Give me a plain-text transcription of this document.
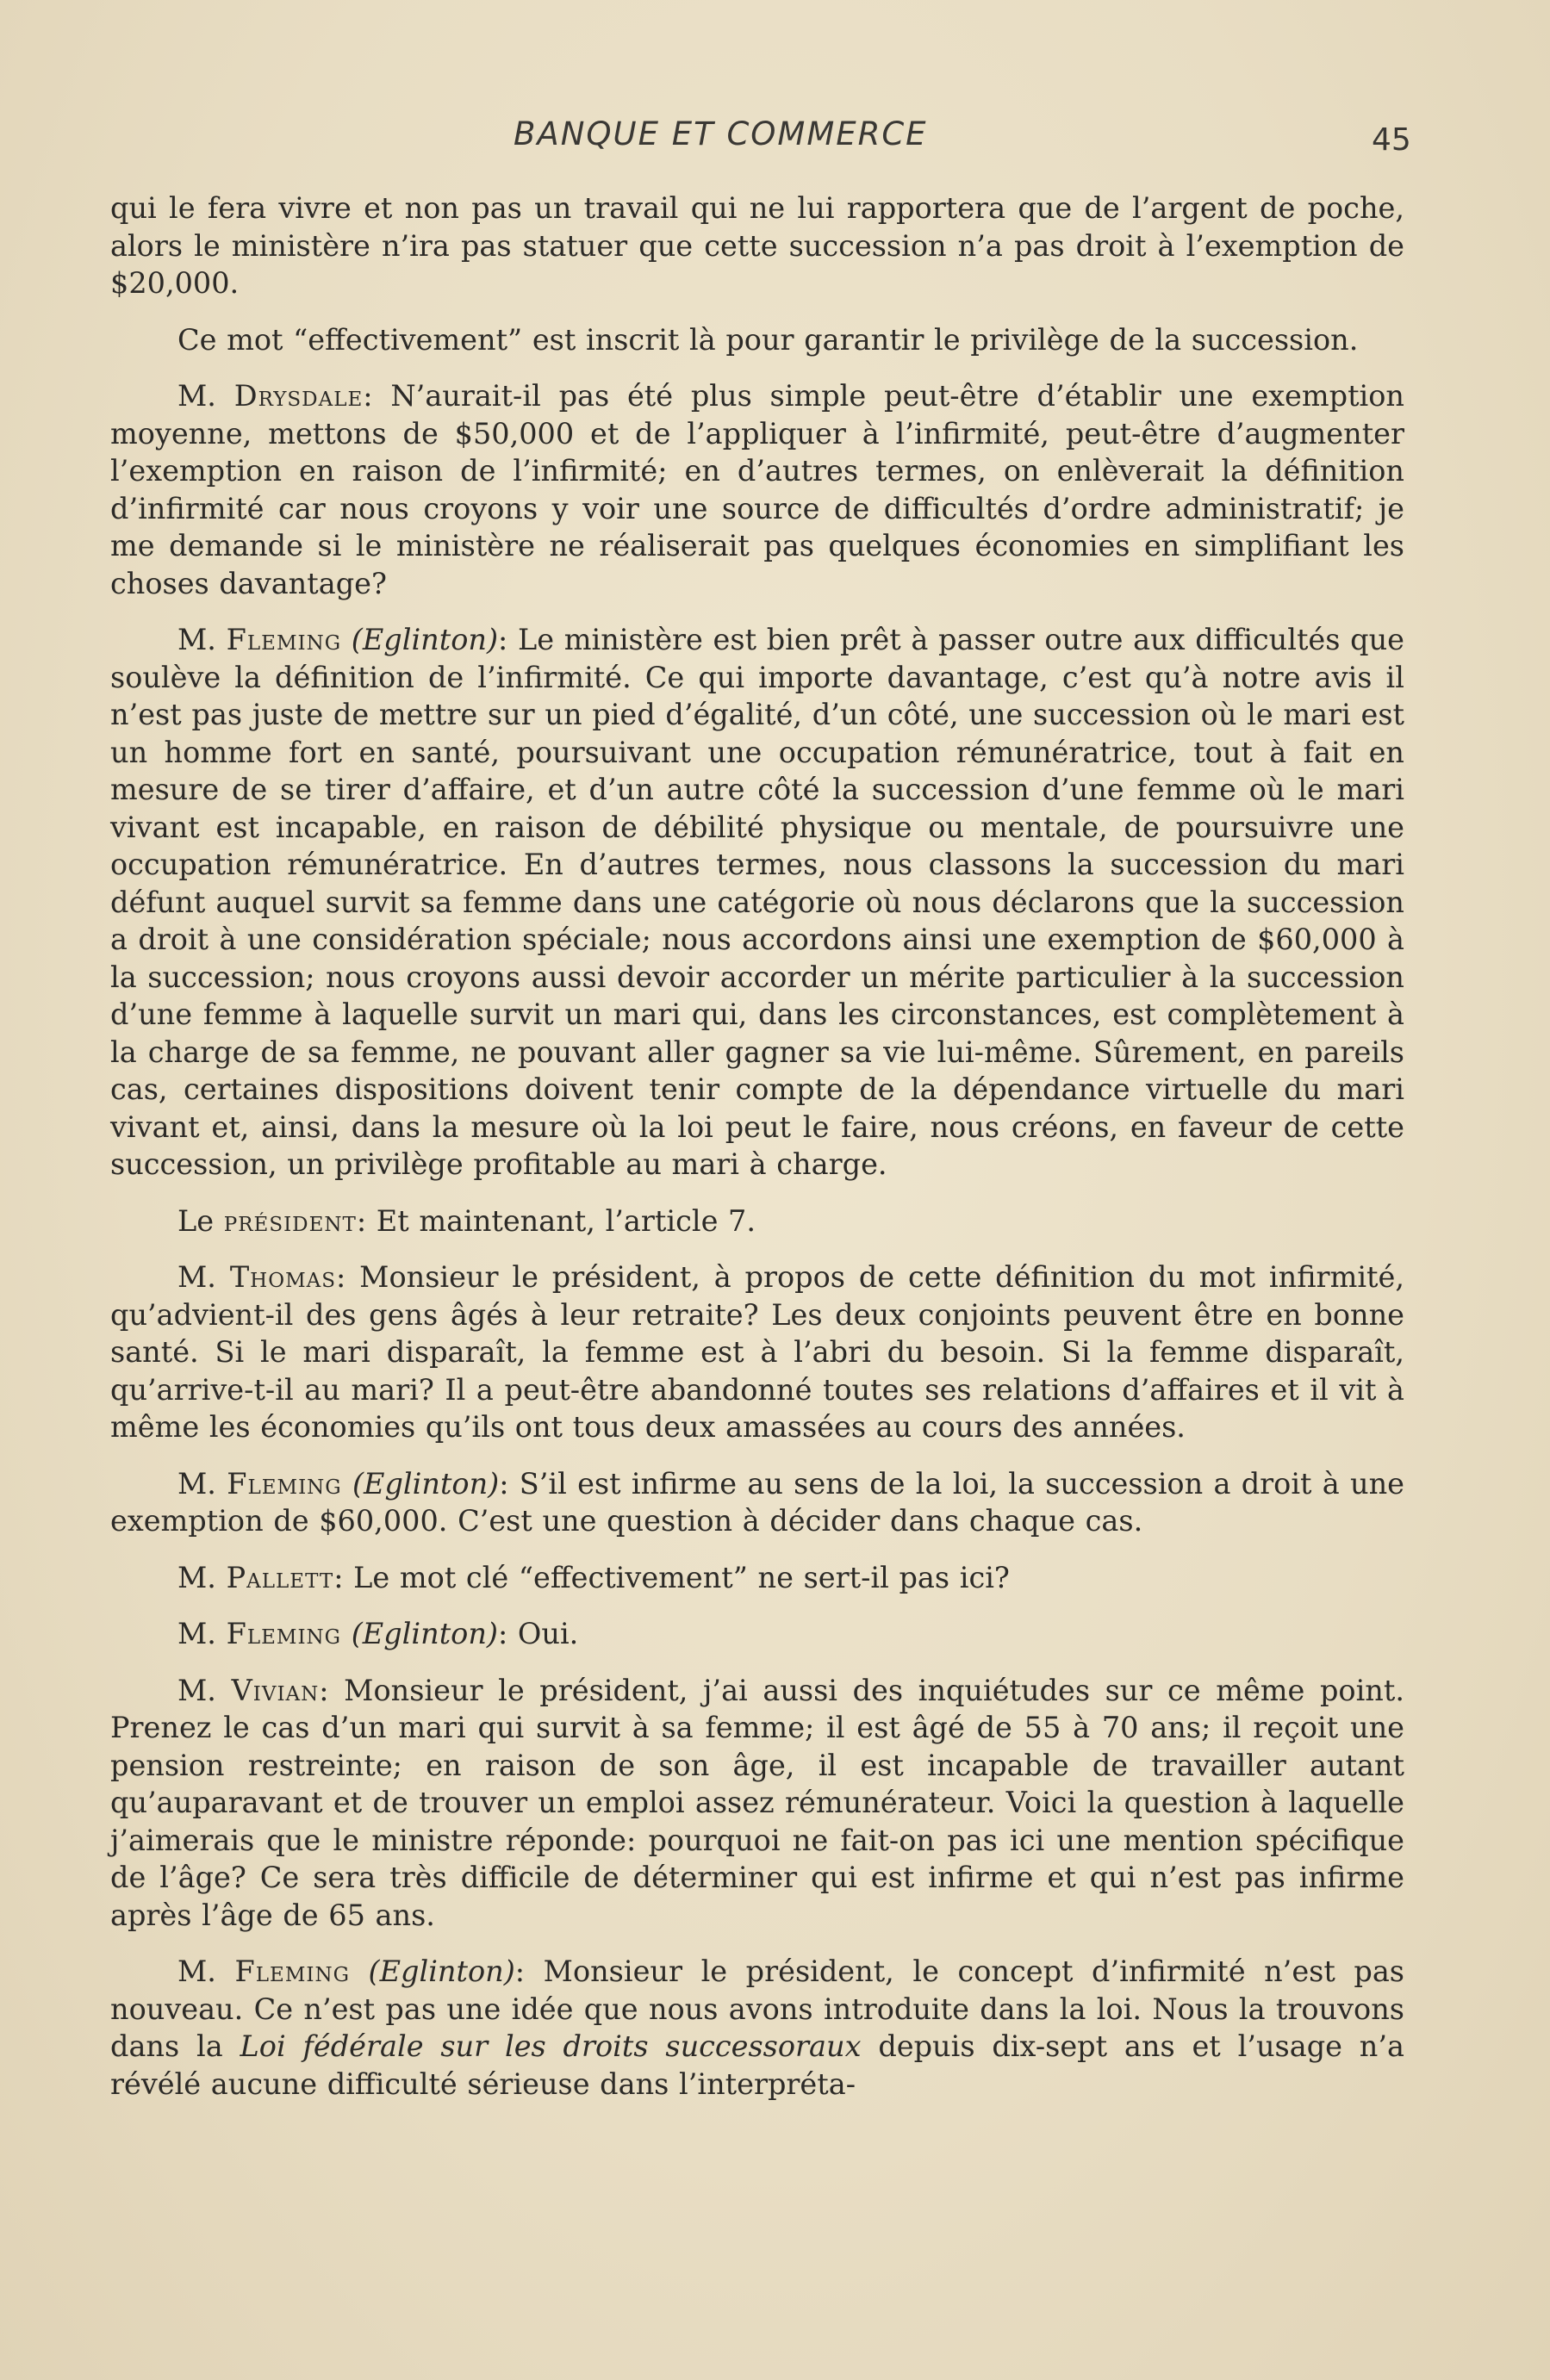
BANQUE ET COMMERCE	45

qui le fera vivre et non pas un travail qui ne lui rapportera que de l’argent de poche, alors le ministère n’ira pas statuer que cette succession n’a pas droit à l’exemption de $20,000.

Ce mot “effectivement” est inscrit là pour garantir le privilège de la succession.

M. Drysdale: N’aurait-il pas été plus simple peut-être d’établir une exemption moyenne, mettons de $50,000 et de l’appliquer à l’infirmité, peut-être d’augmenter l’exemption en raison de l’infirmité; en d’autres termes, on enlèverait la définition d’infirmité car nous croyons y voir une source de difficultés d’ordre administratif; je me demande si le ministère ne réaliserait pas quelques économies en simplifiant les choses davantage?

M. Fleming (Eglinton): Le ministère est bien prêt à passer outre aux difficultés que soulève la définition de l’infirmité. Ce qui importe davantage, c’est qu’à notre avis il n’est pas juste de mettre sur un pied d’égalité, d’un côté, une succession où le mari est un homme fort en santé, poursuivant une occupation rémunératrice, tout à fait en mesure de se tirer d’affaire, et d’un autre côté la succession d’une femme où le mari vivant est incapable, en raison de débilité physique ou mentale, de poursuivre une occupation rémunératrice. En d’autres termes, nous classons la succession du mari défunt auquel survit sa femme dans une catégorie où nous déclarons que la succession a droit à une considération spéciale; nous accordons ainsi une exemption de $60,000 à la succession; nous croyons aussi devoir accorder un mérite particulier à la succession d’une femme à laquelle survit un mari qui, dans les circonstances, est complètement à la charge de sa femme, ne pouvant aller gagner sa vie lui-même. Sûrement, en pareils cas, certaines dispositions doivent tenir compte de la dépendance virtuelle du mari vivant et, ainsi, dans la mesure où la loi peut le faire, nous créons, en faveur de cette succession, un privilège profitable au mari à charge.

Le président: Et maintenant, l’article 7.

M. Thomas: Monsieur le président, à propos de cette définition du mot infirmité, qu’advient-il des gens âgés à leur retraite? Les deux conjoints peuvent être en bonne santé. Si le mari disparaît, la femme est à l’abri du besoin. Si la femme disparaît, qu’arrive-t-il au mari? Il a peut-être abandonné toutes ses relations d’affaires et il vit à même les économies qu’ils ont tous deux amassées au cours des années.

M. Fleming (Eglinton): S’il est infirme au sens de la loi, la succession a droit à une exemption de $60,000. C’est une question à décider dans chaque cas.

M. Pallett: Le mot clé “effectivement” ne sert-il pas ici?

M. Fleming (Eglinton): Oui.

M. Vivian: Monsieur le président, j’ai aussi des inquiétudes sur ce même point. Prenez le cas d’un mari qui survit à sa femme; il est âgé de 55 à 70 ans; il reçoit une pension restreinte; en raison de son âge, il est incapable de travailler autant qu’auparavant et de trouver un emploi assez rémunérateur. Voici la question à laquelle j’aimerais que le ministre réponde: pourquoi ne fait-on pas ici une mention spécifique de l’âge? Ce sera très difficile de déterminer qui est infirme et qui n’est pas infirme après l’âge de 65 ans.

M. Fleming (Eglinton): Monsieur le président, le concept d’infirmité n’est pas nouveau. Ce n’est pas une idée que nous avons introduite dans la loi. Nous la trouvons dans la Loi fédérale sur les droits successoraux depuis dix-sept ans et l’usage n’a révélé aucune difficulté sérieuse dans l’interpréta-
